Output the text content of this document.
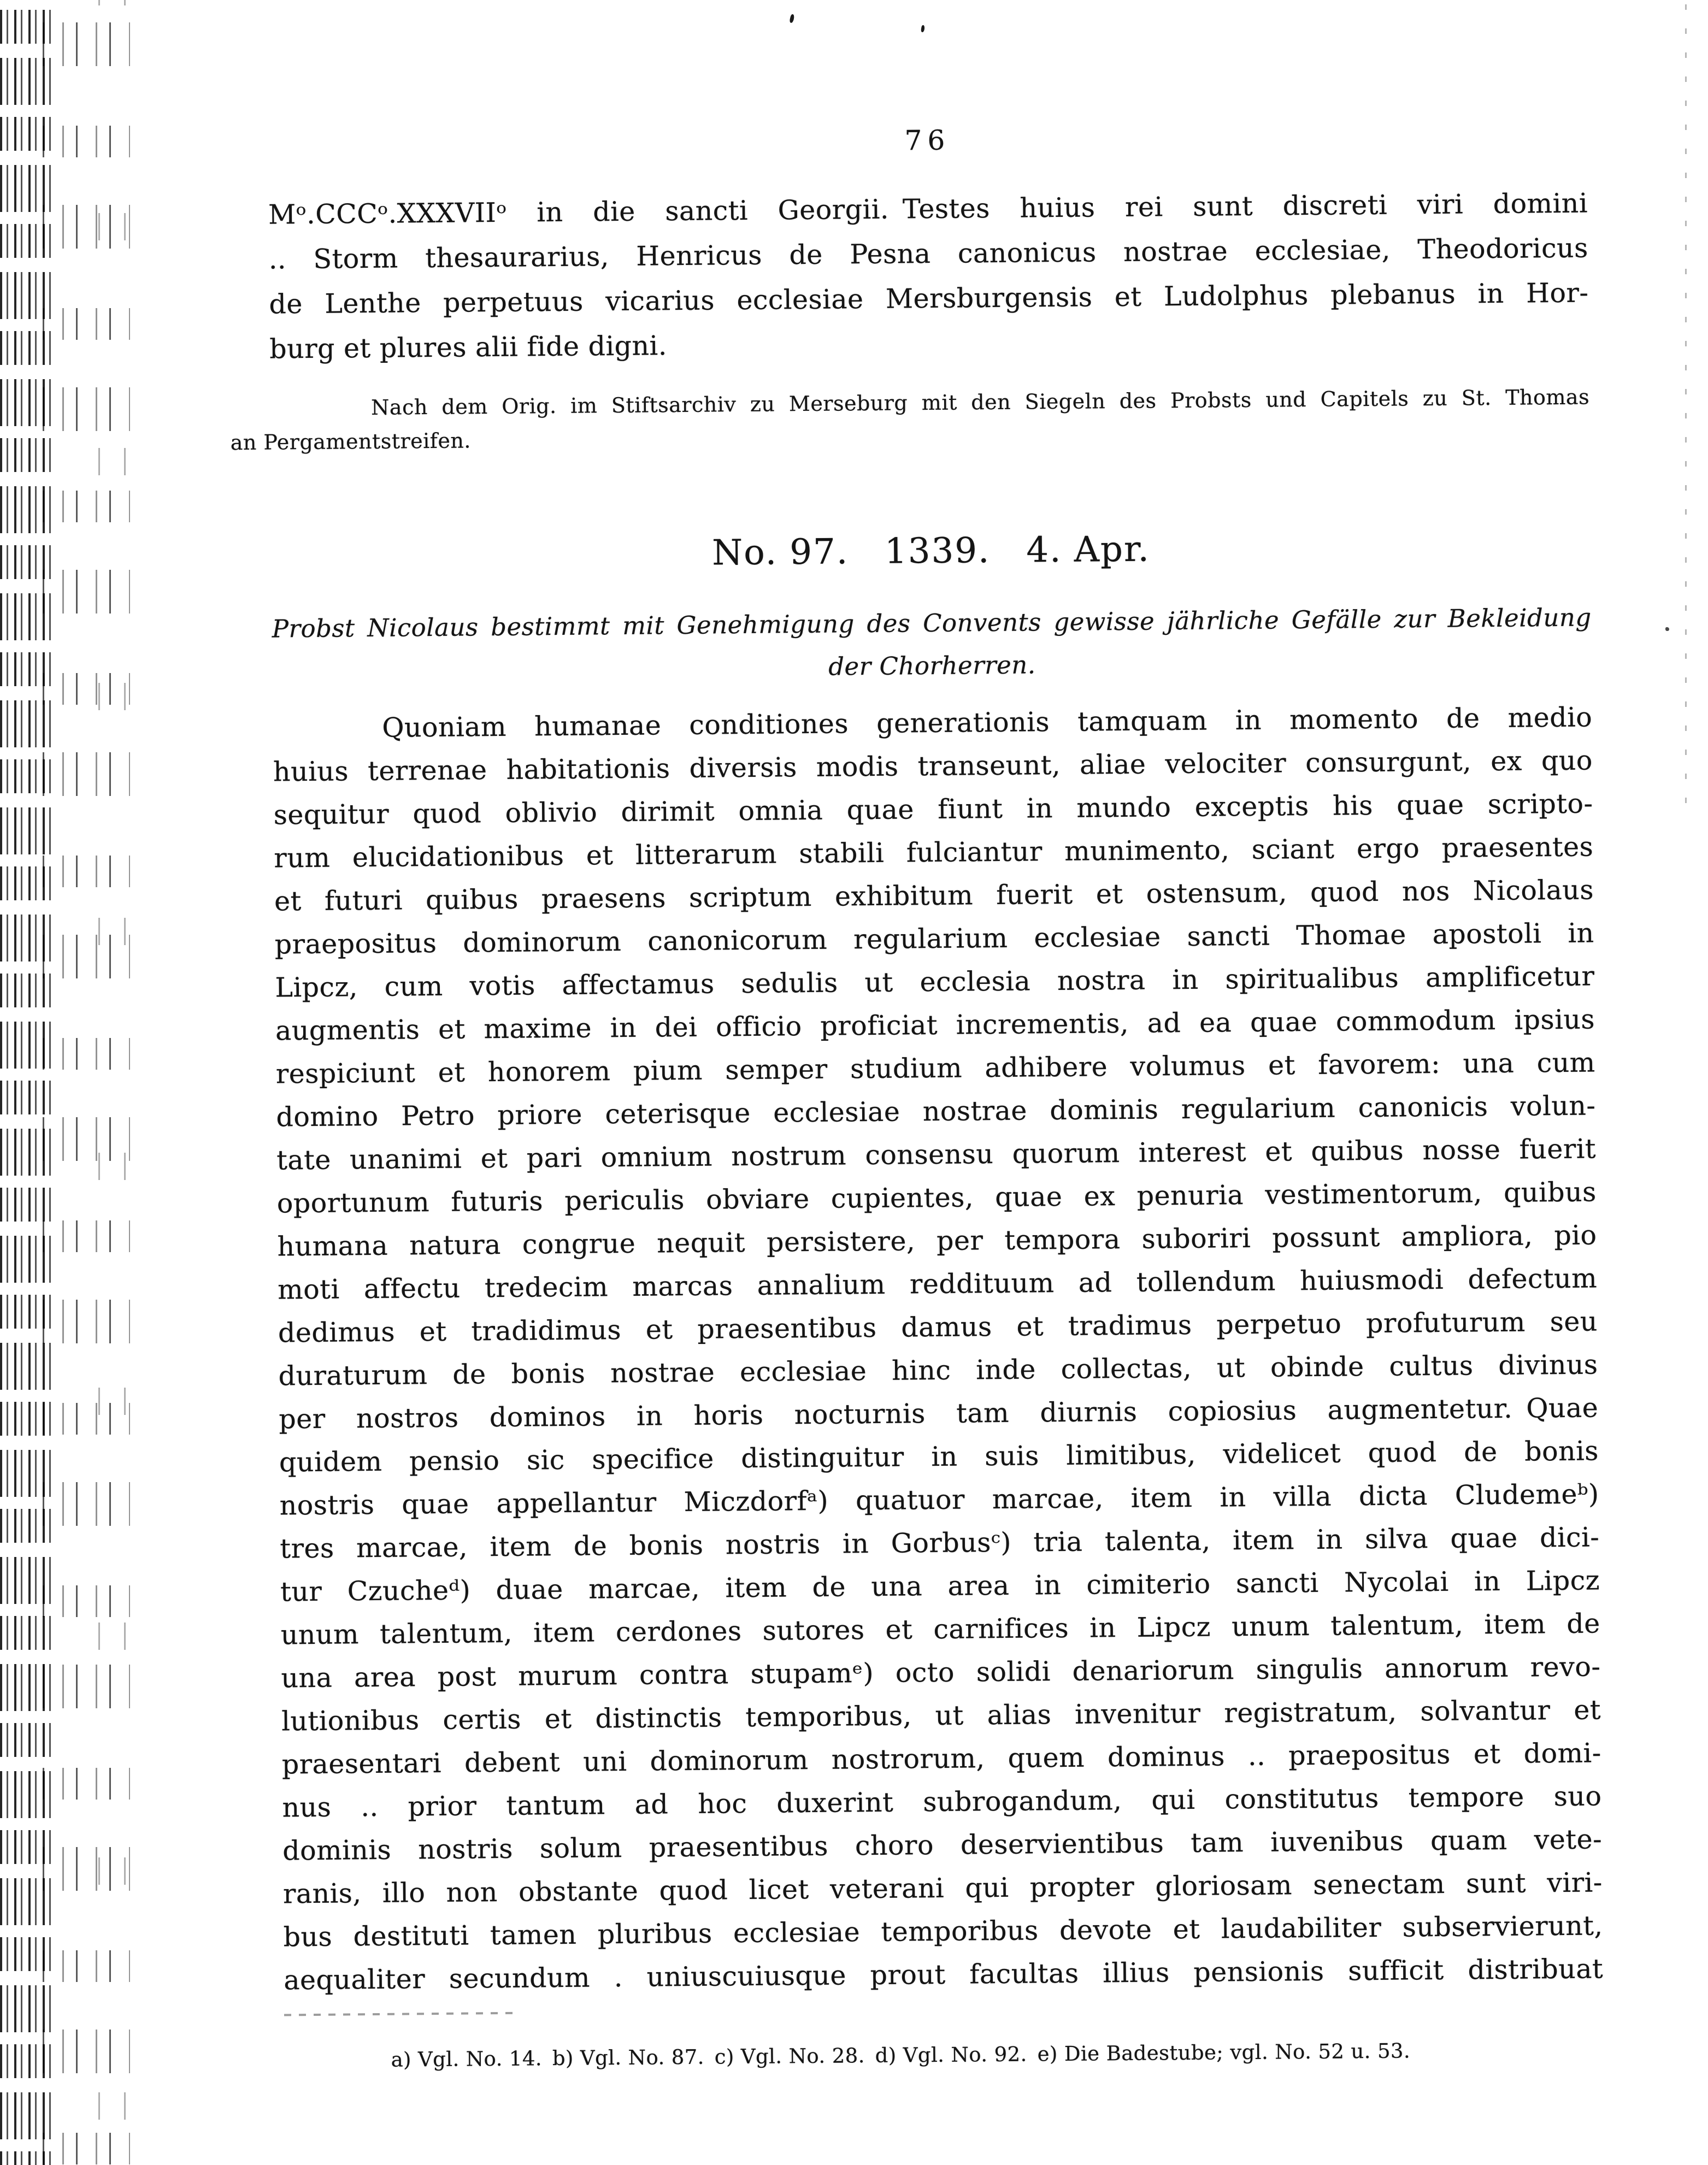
76
Mᵒ.CCCᵒ.XXXVIIᵒ in die sancti Georgii. Testes huius rei sunt discreti viri domini
.. Storm thesaurarius, Henricus de Pesna canonicus nostrae ecclesiae, Theodoricus
de Lenthe perpetuus vicarius ecclesiae Mersburgensis et Ludolphus plebanus in Hor-
burg et plures alii fide digni.
Nach dem Orig. im Stiftsarchiv zu Merseburg mit den Siegeln des Probsts und Capitels zu St. Thomas
an Pergamentstreifen.
No. 97. 1339. 4. Apr.
Probst Nicolaus bestimmt mit Genehmigung des Convents gewisse jährliche Gefälle zur Bekleidung
der Chorherren.
Quoniam humanae conditiones generationis tamquam in momento de medio
huius terrenae habitationis diversis modis transeunt, aliae velociter consurgunt, ex quo
sequitur quod oblivio dirimit omnia quae fiunt in mundo exceptis his quae scripto-
rum elucidationibus et litterarum stabili fulciantur munimento, sciant ergo praesentes
et futuri quibus praesens scriptum exhibitum fuerit et ostensum, quod nos Nicolaus
praepositus dominorum canonicorum regularium ecclesiae sancti Thomae apostoli in
Lipcz, cum votis affectamus sedulis ut ecclesia nostra in spiritualibus amplificetur
augmentis et maxime in dei officio proficiat incrementis, ad ea quae commodum ipsius
respiciunt et honorem pium semper studium adhibere volumus et favorem: una cum
domino Petro priore ceterisque ecclesiae nostrae dominis regularium canonicis volun-
tate unanimi et pari omnium nostrum consensu quorum interest et quibus nosse fuerit
oportunum futuris periculis obviare cupientes, quae ex penuria vestimentorum, quibus
humana natura congrue nequit persistere, per tempora suboriri possunt ampliora, pio
moti affectu tredecim marcas annalium reddituum ad tollendum huiusmodi defectum
dedimus et tradidimus et praesentibus damus et tradimus perpetuo profuturum seu
duraturum de bonis nostrae ecclesiae hinc inde collectas, ut obinde cultus divinus
per nostros dominos in horis nocturnis tam diurnis copiosius augmentetur. Quae
quidem pensio sic specifice distinguitur in suis limitibus, videlicet quod de bonis
nostris quae appellantur Miczdorfᵃ) quatuor marcae, item in villa dicta Cludemeᵇ)
tres marcae, item de bonis nostris in Gorbusᶜ) tria talenta, item in silva quae dici-
tur Czucheᵈ) duae marcae, item de una area in cimiterio sancti Nycolai in Lipcz
unum talentum, item cerdones sutores et carnifices in Lipcz unum talentum, item de
una area post murum contra stupamᵉ) octo solidi denariorum singulis annorum revo-
lutionibus certis et distinctis temporibus, ut alias invenitur registratum, solvantur et
praesentari debent uni dominorum nostrorum, quem dominus .. praepositus et domi-
nus .. prior tantum ad hoc duxerint subrogandum, qui constitutus tempore suo
dominis nostris solum praesentibus choro deservientibus tam iuvenibus quam vete-
ranis, illo non obstante quod licet veterani qui propter gloriosam senectam sunt viri-
bus destituti tamen pluribus ecclesiae temporibus devote et laudabiliter subservierunt,
aequaliter secundum . uniuscuiusque prout facultas illius pensionis sufficit distribuat
a) Vgl. No. 14. b) Vgl. No. 87. c) Vgl. No. 28. d) Vgl. No. 92. e) Die Badestube; vgl. No. 52 u. 53.
